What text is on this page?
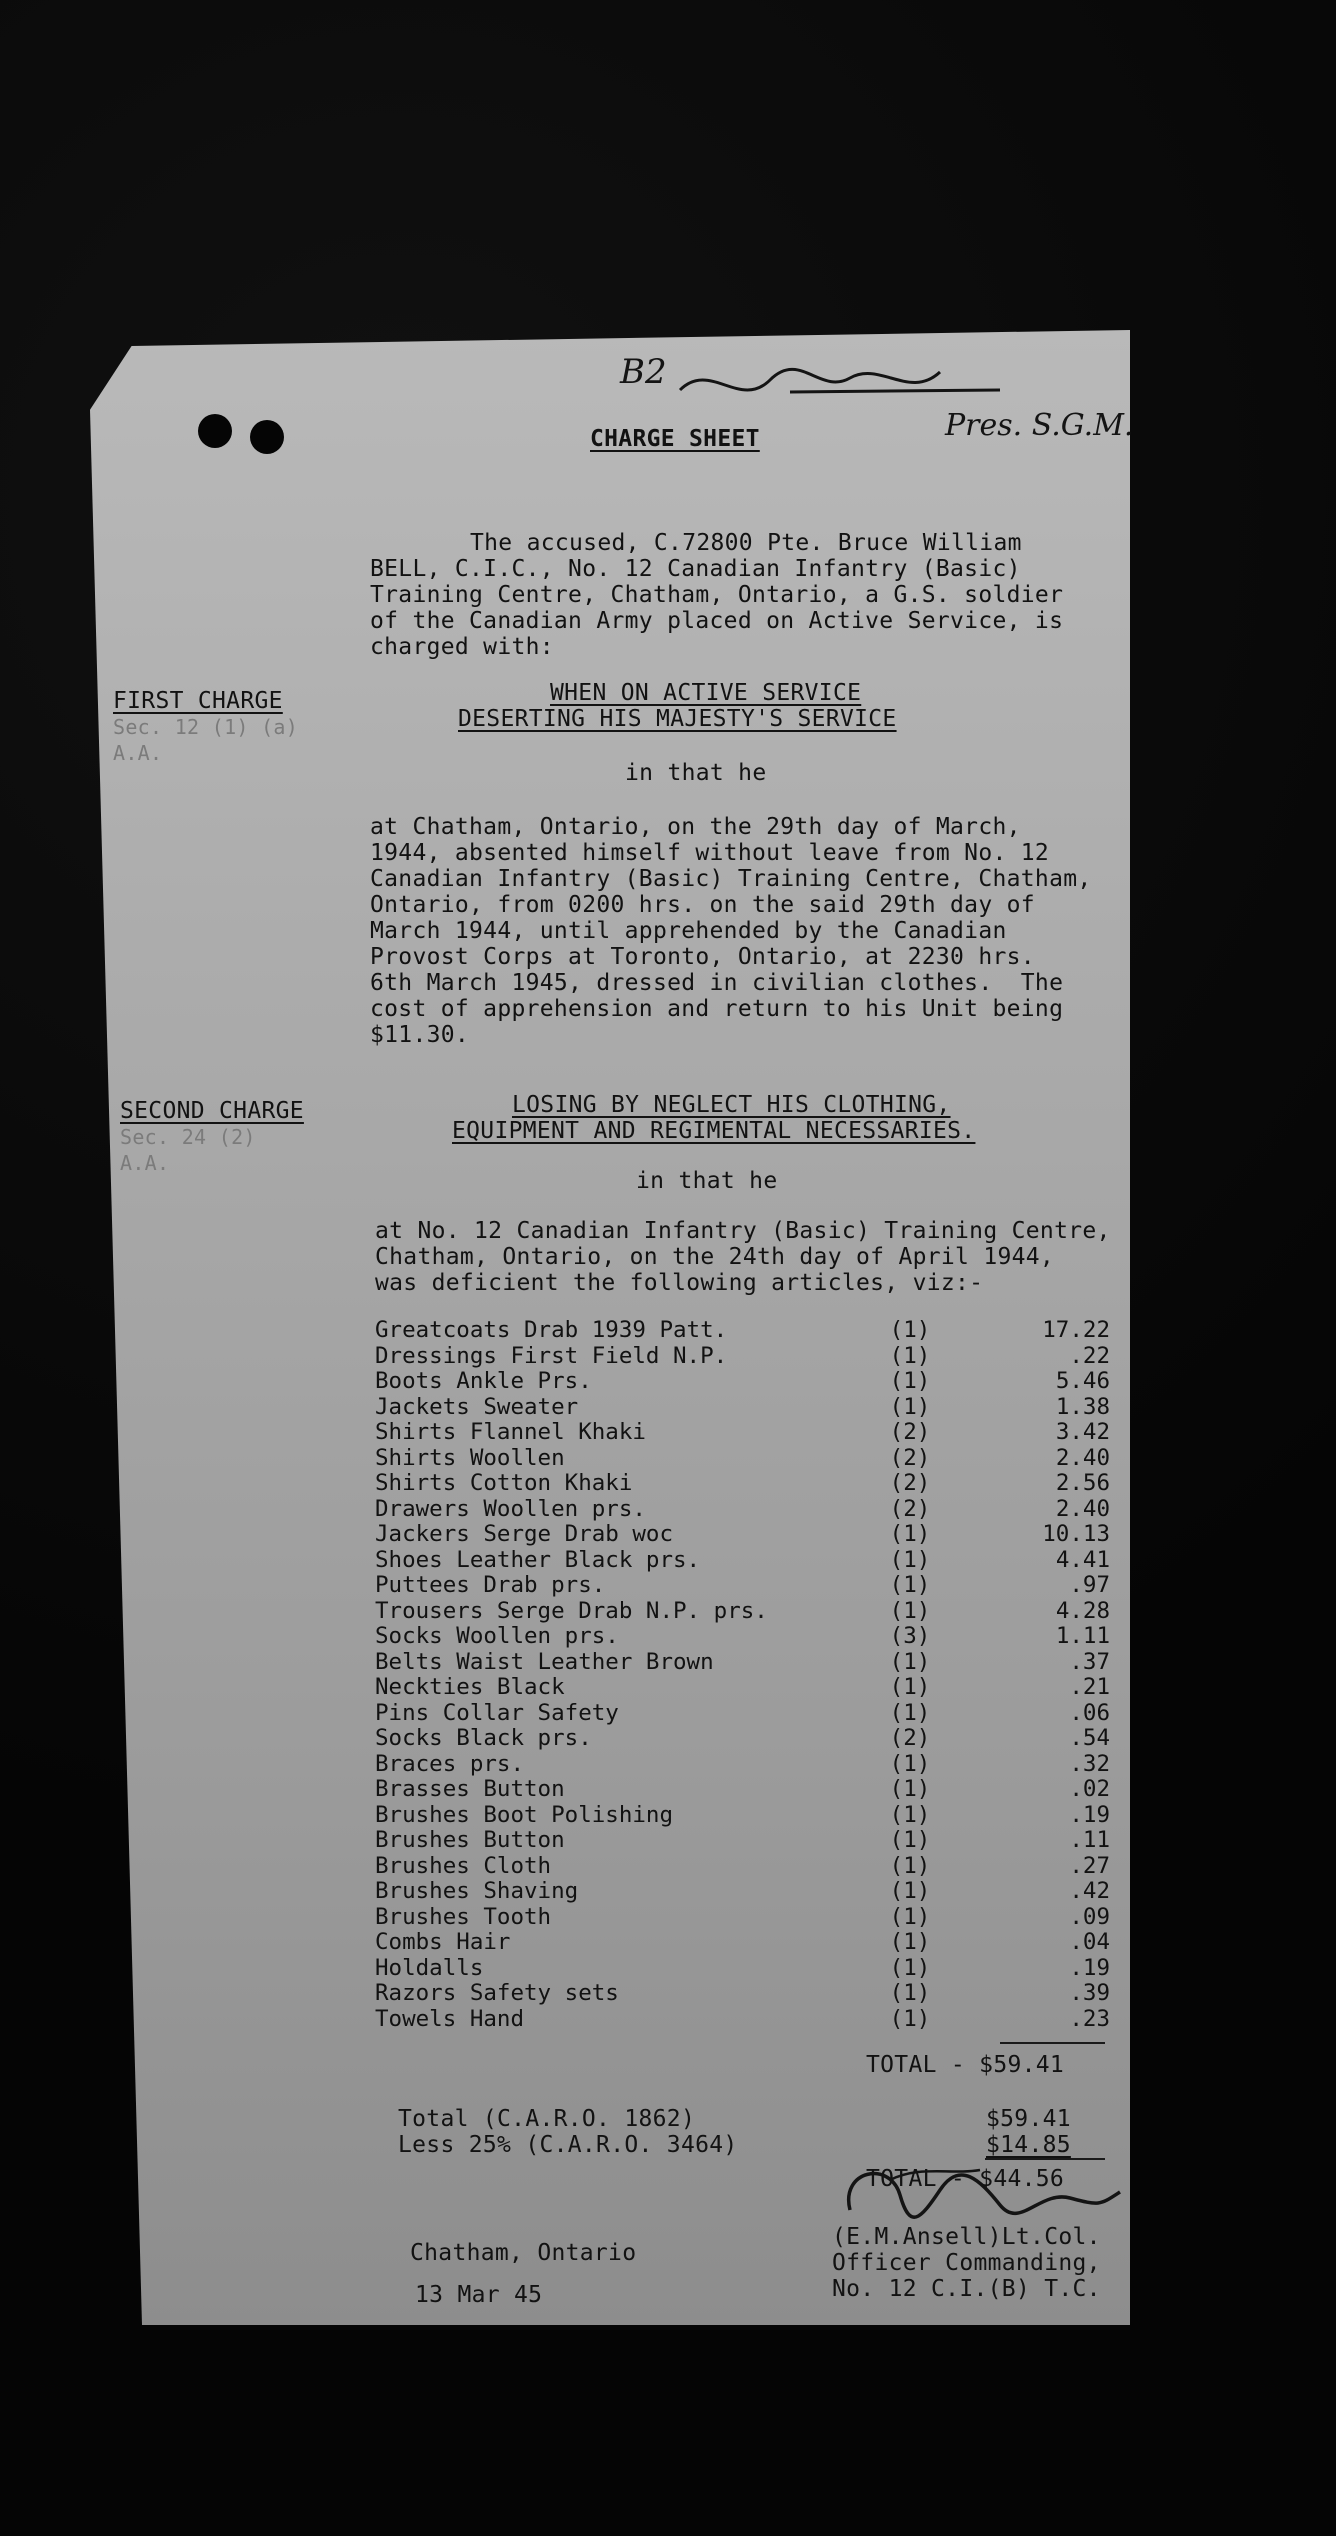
B2
Pres. S.G.M.
CHARGE SHEET
The accused, C.72800 Pte. Bruce William
BELL, C.I.C., No. 12 Canadian Infantry (Basic)
Training Centre, Chatham, Ontario, a G.S. soldier
of the Canadian Army placed on Active Service, is
charged with:
FIRST CHARGE
Sec. 12 (1) (a)
A.A.
WHEN ON ACTIVE SERVICE
DESERTING HIS MAJESTY'S SERVICE
in that he
at Chatham, Ontario, on the 29th day of March,
1944, absented himself without leave from No. 12
Canadian Infantry (Basic) Training Centre, Chatham,
Ontario, from 0200 hrs. on the said 29th day of
March 1944, until apprehended by the Canadian
Provost Corps at Toronto, Ontario, at 2230 hrs.
6th March 1945, dressed in civilian clothes.  The
cost of apprehension and return to his Unit being
$11.30.
SECOND CHARGE
Sec. 24 (2)
A.A.
LOSING BY NEGLECT HIS CLOTHING,
EQUIPMENT AND REGIMENTAL NECESSARIES.
in that he
at No. 12 Canadian Infantry (Basic) Training Centre,
Chatham, Ontario, on the 24th day of April 1944,
was deficient the following articles, viz:-
Greatcoats Drab 1939 Patt.	(1)	17.22
Dressings First Field N.P.	(1)	.22
Boots Ankle Prs.	(1)	5.46
Jackets Sweater	(1)	1.38
Shirts Flannel Khaki	(2)	3.42
Shirts Woollen	(2)	2.40
Shirts Cotton Khaki	(2)	2.56
Drawers Woollen prs.	(2)	2.40
Jackers Serge Drab woc	(1)	10.13
Shoes Leather Black prs.	(1)	4.41
Puttees Drab prs.	(1)	.97
Trousers Serge Drab N.P. prs.	(1)	4.28
Socks Woollen prs.	(3)	1.11
Belts Waist Leather Brown	(1)	.37
Neckties Black	(1)	.21
Pins Collar Safety	(1)	.06
Socks Black prs.	(2)	.54
Braces prs.	(1)	.32
Brasses Button	(1)	.02
Brushes Boot Polishing	(1)	.19
Brushes Button	(1)	.11
Brushes Cloth	(1)	.27
Brushes Shaving	(1)	.42
Brushes Tooth	(1)	.09
Combs Hair	(1)	.04
Holdalls	(1)	.19
Razors Safety sets	(1)	.39
Towels Hand	(1)	.23
TOTAL - $59.41
Total (C.A.R.O. 1862)	$59.41
Less 25% (C.A.R.O. 3464)	$14.85
TOTAL - $44.56
Chatham, Ontario
13 Mar 45
(E.M.Ansell)Lt.Col.
Officer Commanding,
No. 12 C.I.(B) T.C.
